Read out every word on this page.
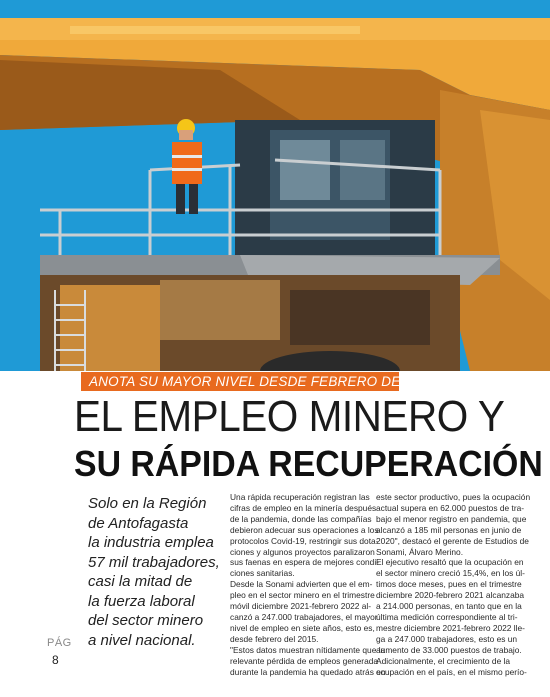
ANOTA SU MAYOR NIVEL DESDE FEBRERO DE 2015
EL EMPLEO MINERO Y
SU RÁPIDA RECUPERACIÓN
Solo en la Región
de Antofagasta
la industria emplea
57 mil trabajadores,
casi la mitad de
la fuerza laboral
del sector minero
a nivel nacional.
PÁG
8
Una rápida recuperación registran las
cifras de empleo en la minería después
de la pandemia, donde las compañías
debieron adecuar sus operaciones a los
protocolos Covid-19, restringir sus dota-
ciones y algunos proyectos paralizaron
sus faenas en espera de mejores condi-
ciones sanitarias.
Desde la Sonami advierten que el em-
pleo en el sector minero en el trimestre
móvil diciembre 2021-febrero 2022 al-
canzó a 247.000 trabajadores, el mayor
nivel de empleo en siete años, esto es,
desde febrero del 2015.
"Estos datos muestran nítidamente que la
relevante pérdida de empleos generada
durante la pandemia ha quedado atrás en
este sector productivo, pues la ocupación
actual supera en 62.000 puestos de tra-
bajo el menor registro en pandemia, que
alcanzó a 185 mil personas en junio de
2020", destacó el gerente de Estudios de
Sonami, Álvaro Merino.
El ejecutivo resaltó que la ocupación en
el sector minero creció 15,4%, en los úl-
timos doce meses, pues en el trimestre
diciembre 2020-febrero 2021 alcanzaba
a 214.000 personas, en tanto que en la
última medición correspondiente al tri-
mestre diciembre 2021-febrero 2022 lle-
ga a 247.000 trabajadores, esto es un
aumento de 33.000 puestos de trabajo.
Adicionalmente, el crecimiento de la
ocupación en el país, en el mismo perío-
